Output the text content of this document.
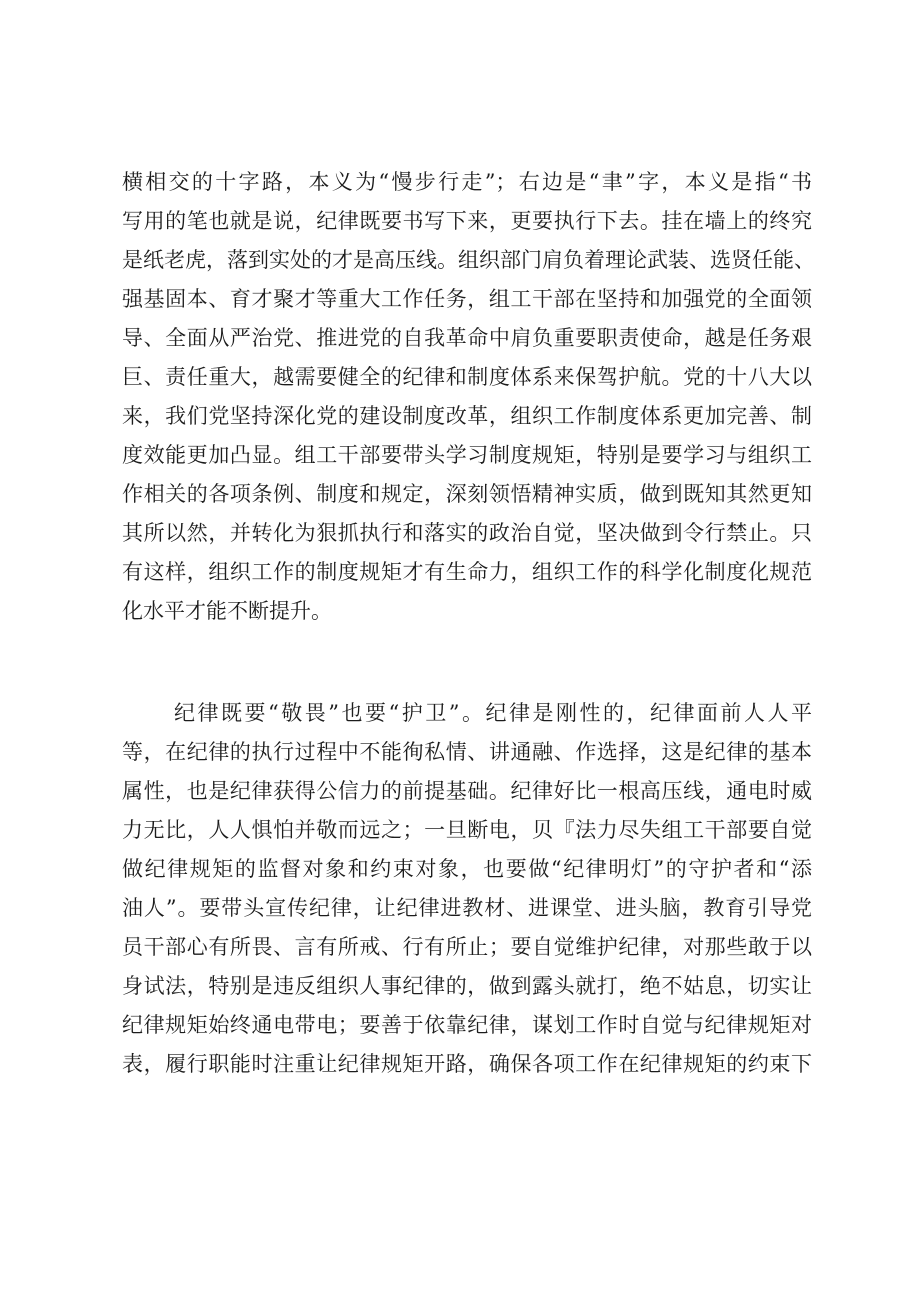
横相交的十字路，本义为“慢步行走”；右边是“聿”字，本义是指“书
写用的笔也就是说，纪律既要书写下来，更要执行下去。挂在墙上的终究
是纸老虎，落到实处的才是高压线。组织部门肩负着理论武装、选贤任能、
强基固本、育才聚才等重大工作任务，组工干部在坚持和加强党的全面领
导、全面从严治党、推进党的自我革命中肩负重要职责使命，越是任务艰
巨、责任重大，越需要健全的纪律和制度体系来保驾护航。党的十八大以
来，我们党坚持深化党的建设制度改革，组织工作制度体系更加完善、制
度效能更加凸显。组工干部要带头学习制度规矩，特别是要学习与组织工
作相关的各项条例、制度和规定，深刻领悟精神实质，做到既知其然更知
其所以然，并转化为狠抓执行和落实的政治自觉，坚决做到令行禁止。只
有这样，组织工作的制度规矩才有生命力，组织工作的科学化制度化规范
化水平才能不断提升。
纪律既要“敬畏”也要“护卫”。纪律是刚性的，纪律面前人人平
等，在纪律的执行过程中不能徇私情、讲通融、作选择，这是纪律的基本
属性，也是纪律获得公信力的前提基础。纪律好比一根高压线，通电时威
力无比，人人惧怕并敬而远之；一旦断电，贝『法力尽失组工干部要自觉
做纪律规矩的监督对象和约束对象，也要做“纪律明灯”的守护者和“添
油人”。要带头宣传纪律，让纪律进教材、进课堂、进头脑，教育引导党
员干部心有所畏、言有所戒、行有所止；要自觉维护纪律，对那些敢于以
身试法，特别是违反组织人事纪律的，做到露头就打，绝不姑息，切实让
纪律规矩始终通电带电；要善于依靠纪律，谋划工作时自觉与纪律规矩对
表，履行职能时注重让纪律规矩开路，确保各项工作在纪律规矩的约束下
